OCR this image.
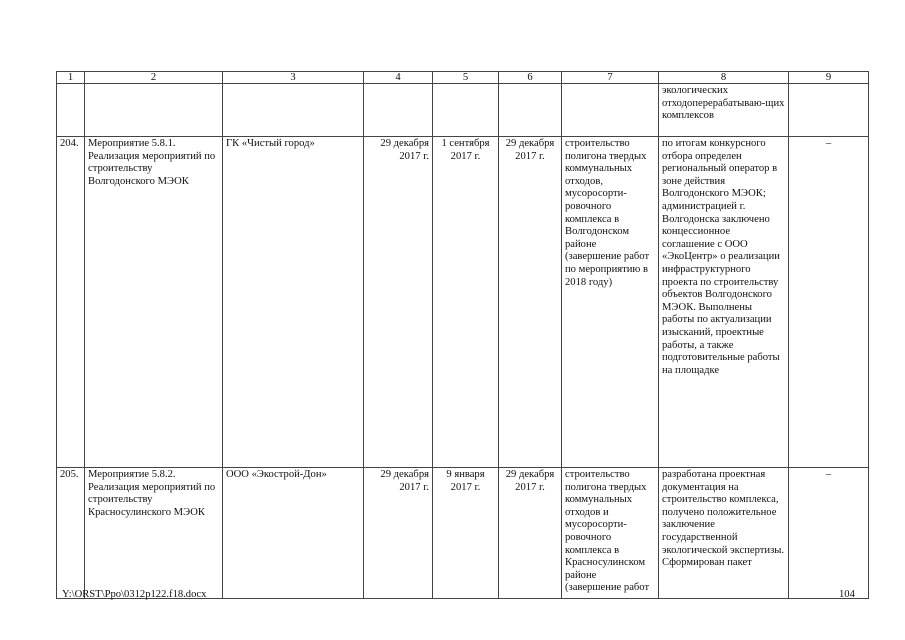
1	2	3	4	5	6	7	8	9
							экологических отходоперерабатываю-щих комплексов	
204.	Мероприятие 5.8.1. Реализация мероприятий по строительству Волгодонского МЭОК	ГК «Чистый город»	29 декабря 2017 г.	1 сентября 2017 г.	29 декабря 2017 г.	строительство полигона твердых коммунальных отходов, мусоросорти-ровочного комплекса в Волгодонском районе (завершение работ по мероприятию в 2018 году)	по итогам конкурсного отбора определен региональный оператор в зоне действия Волгодонского МЭОК; администрацией г. Волгодонска заключено концессионное соглашение с ООО «ЭкоЦентр» о реализации инфраструктурного проекта по строительству объектов Волгодонского МЭОК. Выполнены работы по актуализации изысканий, проектные работы, а также подготовительные работы на площадке	–
205.	Мероприятие 5.8.2. Реализация мероприятий по строительству Красносулинского МЭОК	ООО «Экострой-Дон»	29 декабря 2017 г.	9 января 2017 г.	29 декабря 2017 г.	строительство полигона твердых коммунальных отходов и мусоросорти-ровочного комплекса в Красносулинском районе (завершение работ	разработана проектная документация на строительство комплекса, получено положительное заключение государственной экологической экспертизы. Сформирован пакет	–
Y:\ORST\Ppo\0312p122.f18.docx	104
